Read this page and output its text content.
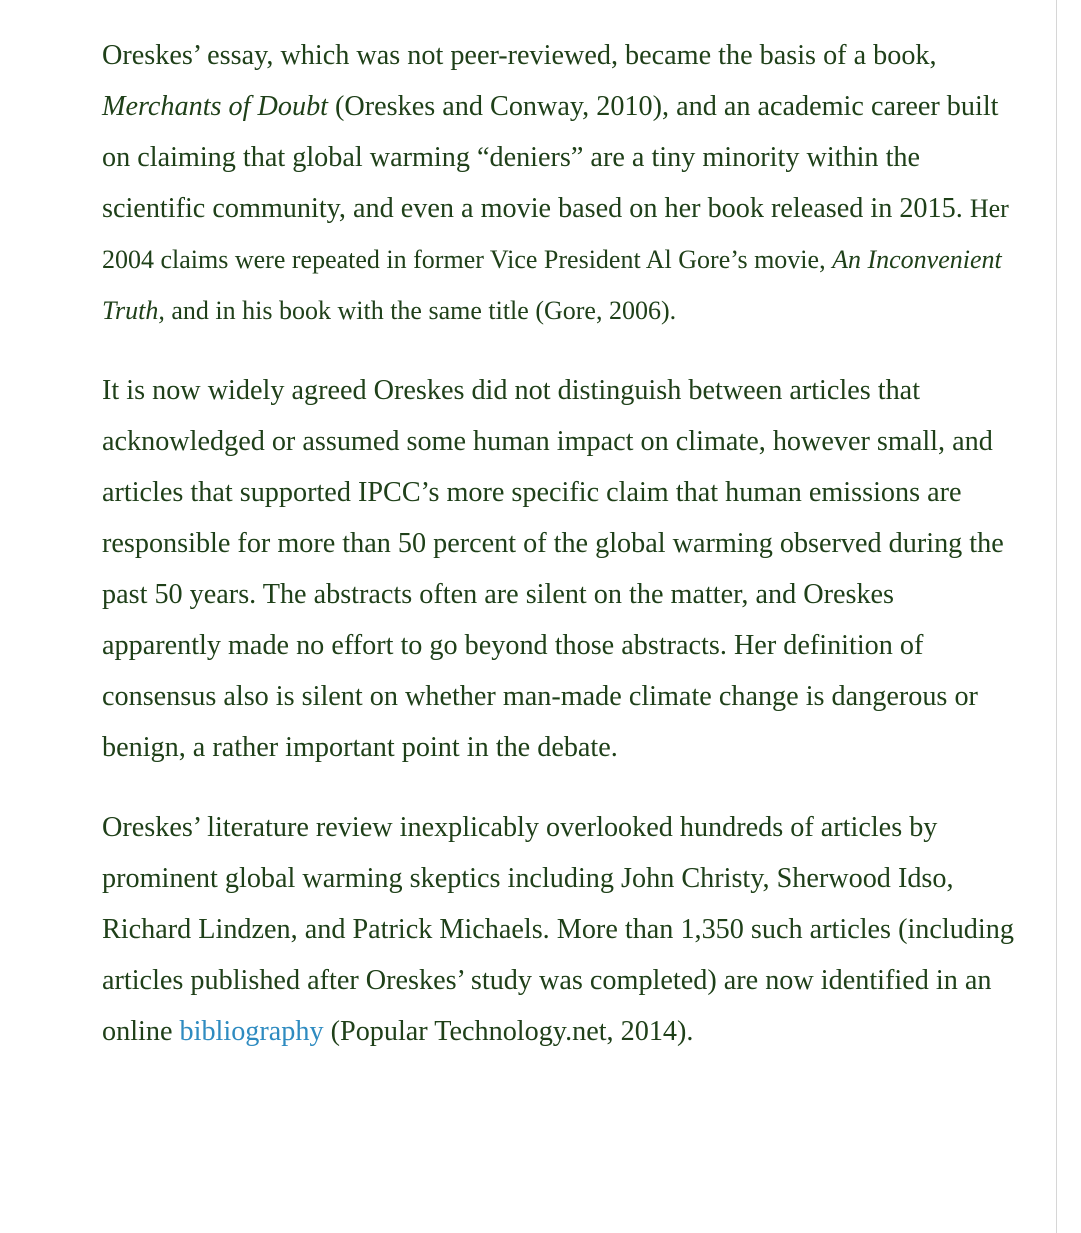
Oreskes’ essay, which was not peer-reviewed, became the basis of a book, Merchants of Doubt (Oreskes and Conway, 2010), and an academic career built on claiming that global warming “deniers” are a tiny minority within the scientific community, and even a movie based on her book released in 2015. Her 2004 claims were repeated in former Vice President Al Gore’s movie, An Inconvenient Truth, and in his book with the same title (Gore, 2006).

It is now widely agreed Oreskes did not distinguish between articles that acknowledged or assumed some human impact on climate, however small, and articles that supported IPCC’s more specific claim that human emissions are responsible for more than 50 percent of the global warming observed during the past 50 years. The abstracts often are silent on the matter, and Oreskes apparently made no effort to go beyond those abstracts. Her definition of consensus also is silent on whether man-made climate change is dangerous or benign, a rather important point in the debate.

Oreskes’ literature review inexplicably overlooked hundreds of articles by prominent global warming skeptics including John Christy, Sherwood Idso, Richard Lindzen, and Patrick Michaels. More than 1,350 such articles (including articles published after Oreskes’ study was completed) are now identified in an online bibliography (Popular Technology.net, 2014).
